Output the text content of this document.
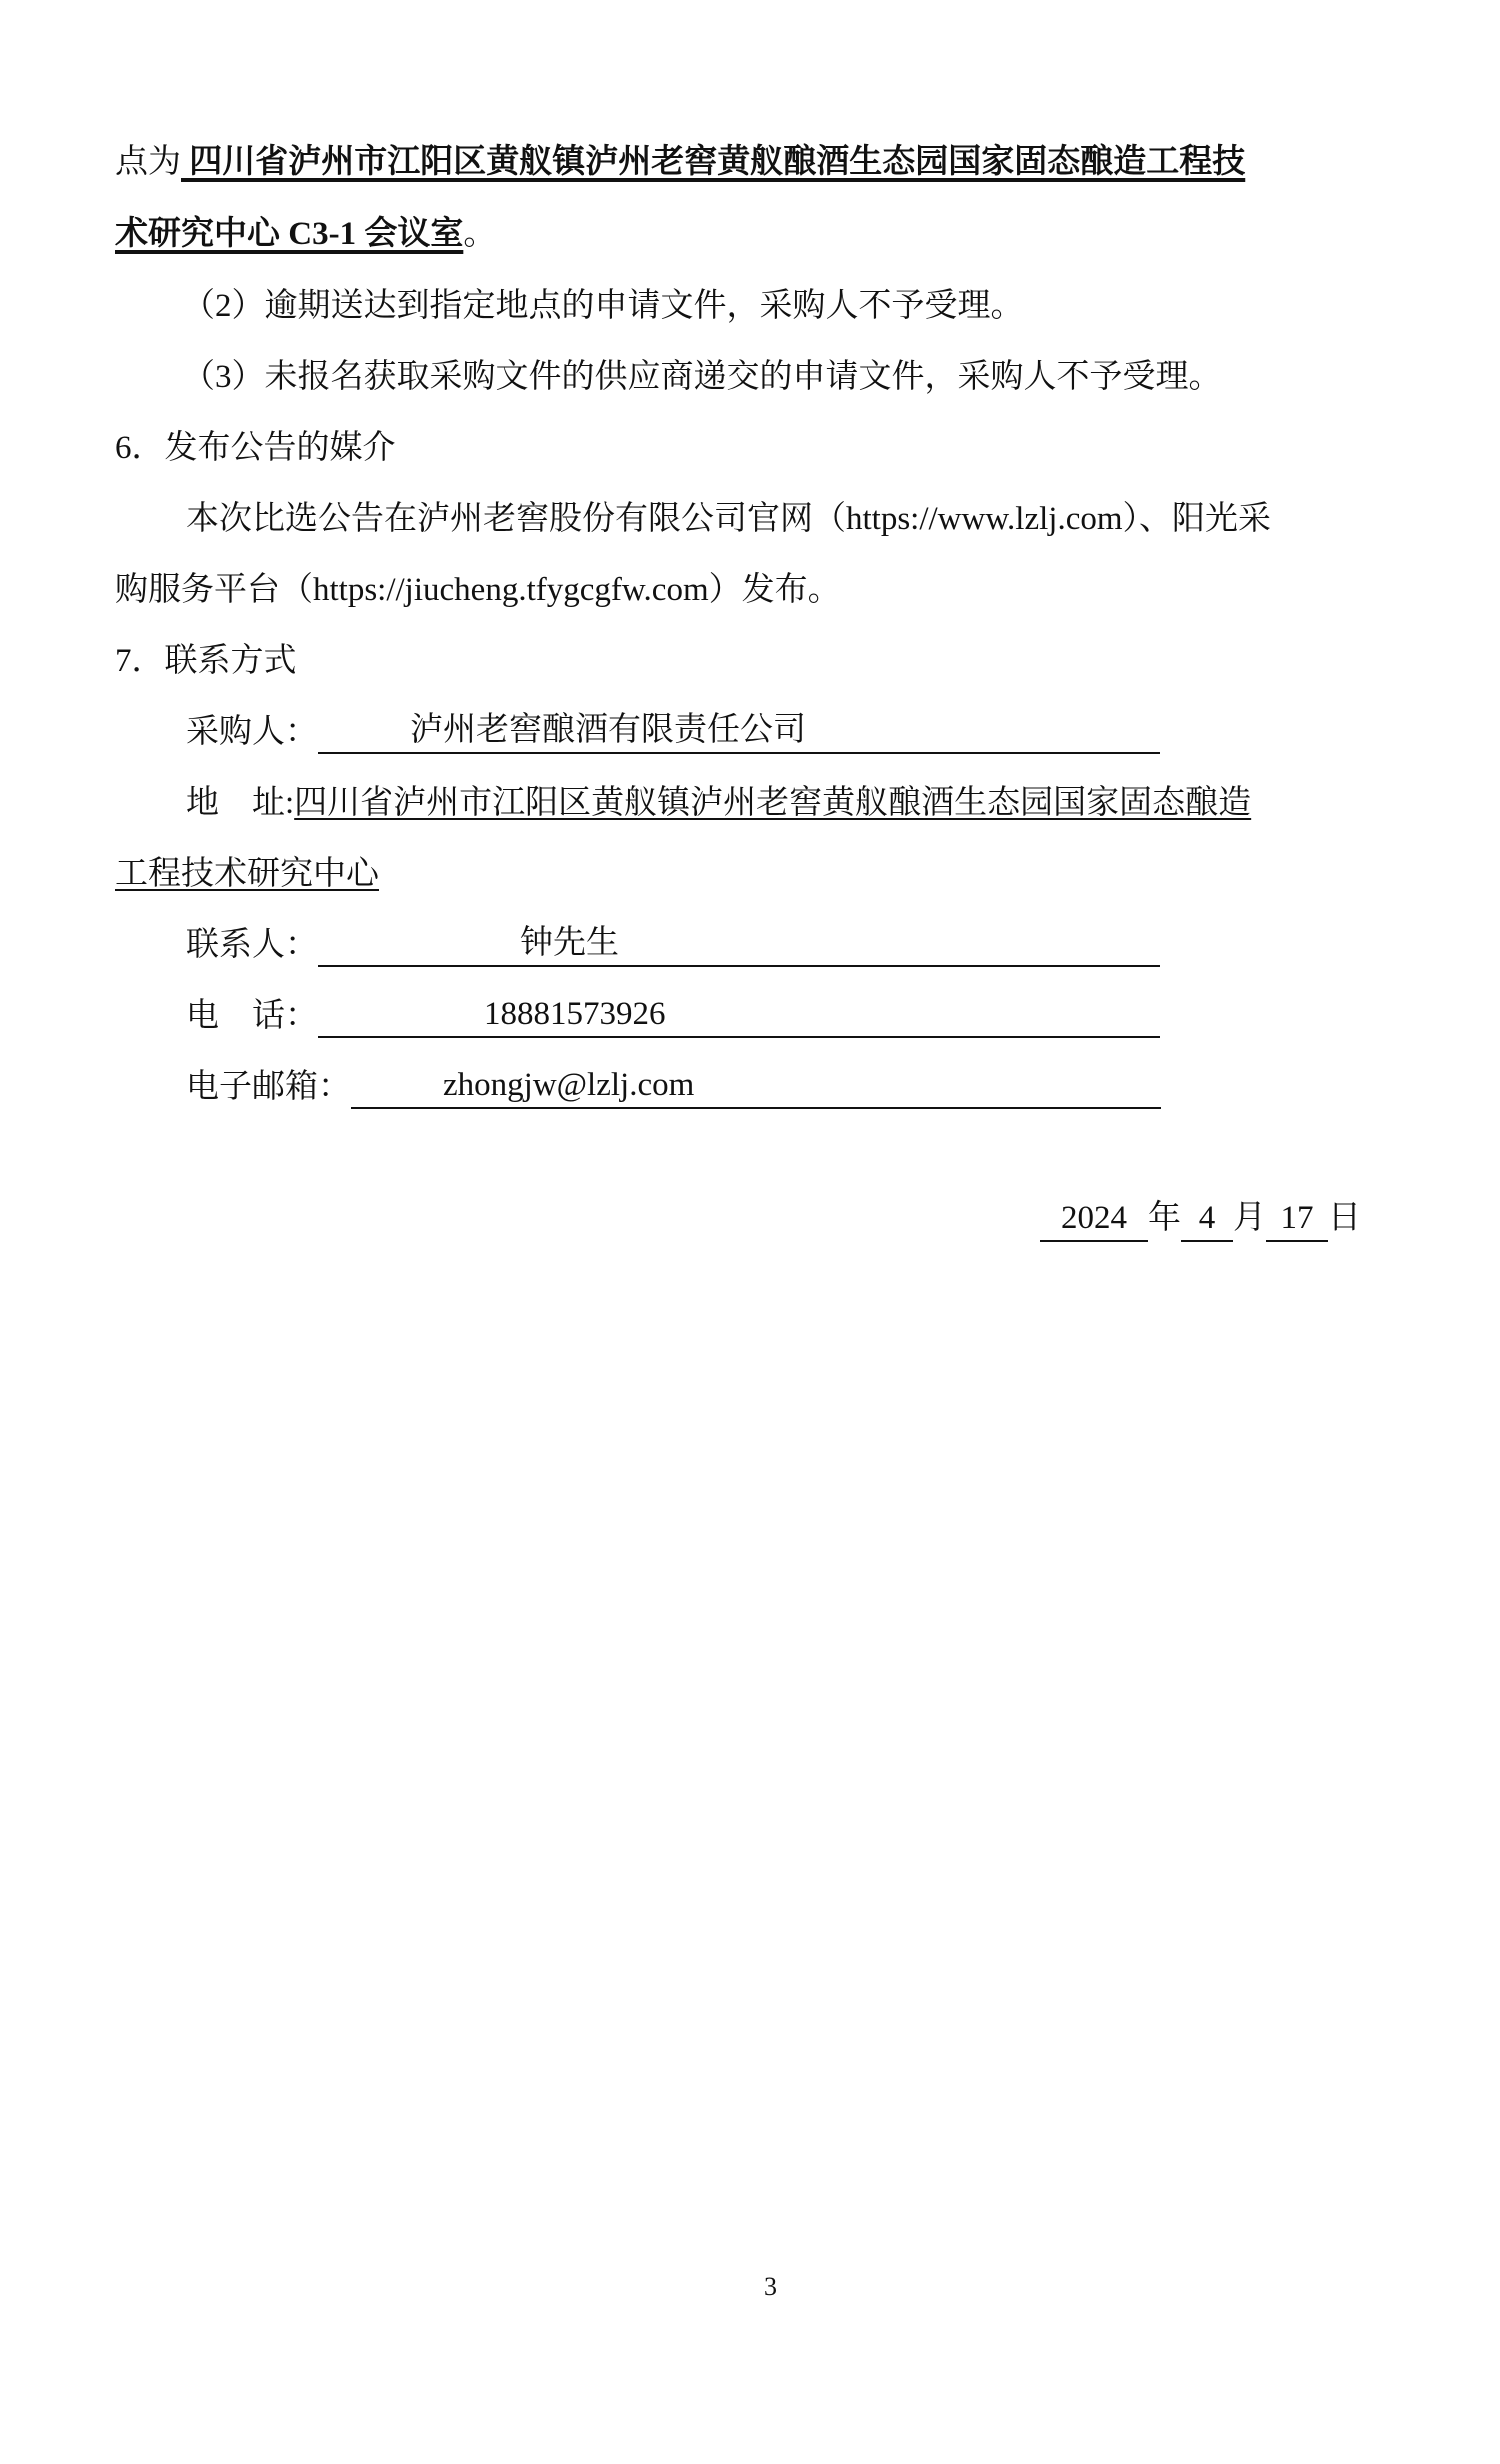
点为 四川省泸州市江阳区黄舣镇泸州老窖黄舣酿酒生态园国家固态酿造工程技
术研究中心 C3-1 会议室。
（2）逾期送达到指定地点的申请文件，采购人不予受理。
（3）未报名获取采购文件的供应商递交的申请文件，采购人不予受理。
6．发布公告的媒介
本次比选公告在泸州老窖股份有限公司官网（https://www.lzlj.com）、阳光采
购服务平台（https://jiucheng.tfygcgfw.com）发布。
7．联系方式
采购人：	泸州老窖酿酒有限责任公司
地　址:四川省泸州市江阳区黄舣镇泸州老窖黄舣酿酒生态园国家固态酿造
工程技术研究中心
联系人：	钟先生
电　话：	18881573926
电子邮箱：	zhongjw@lzlj.com
2024 年 4 月 17 日
3
